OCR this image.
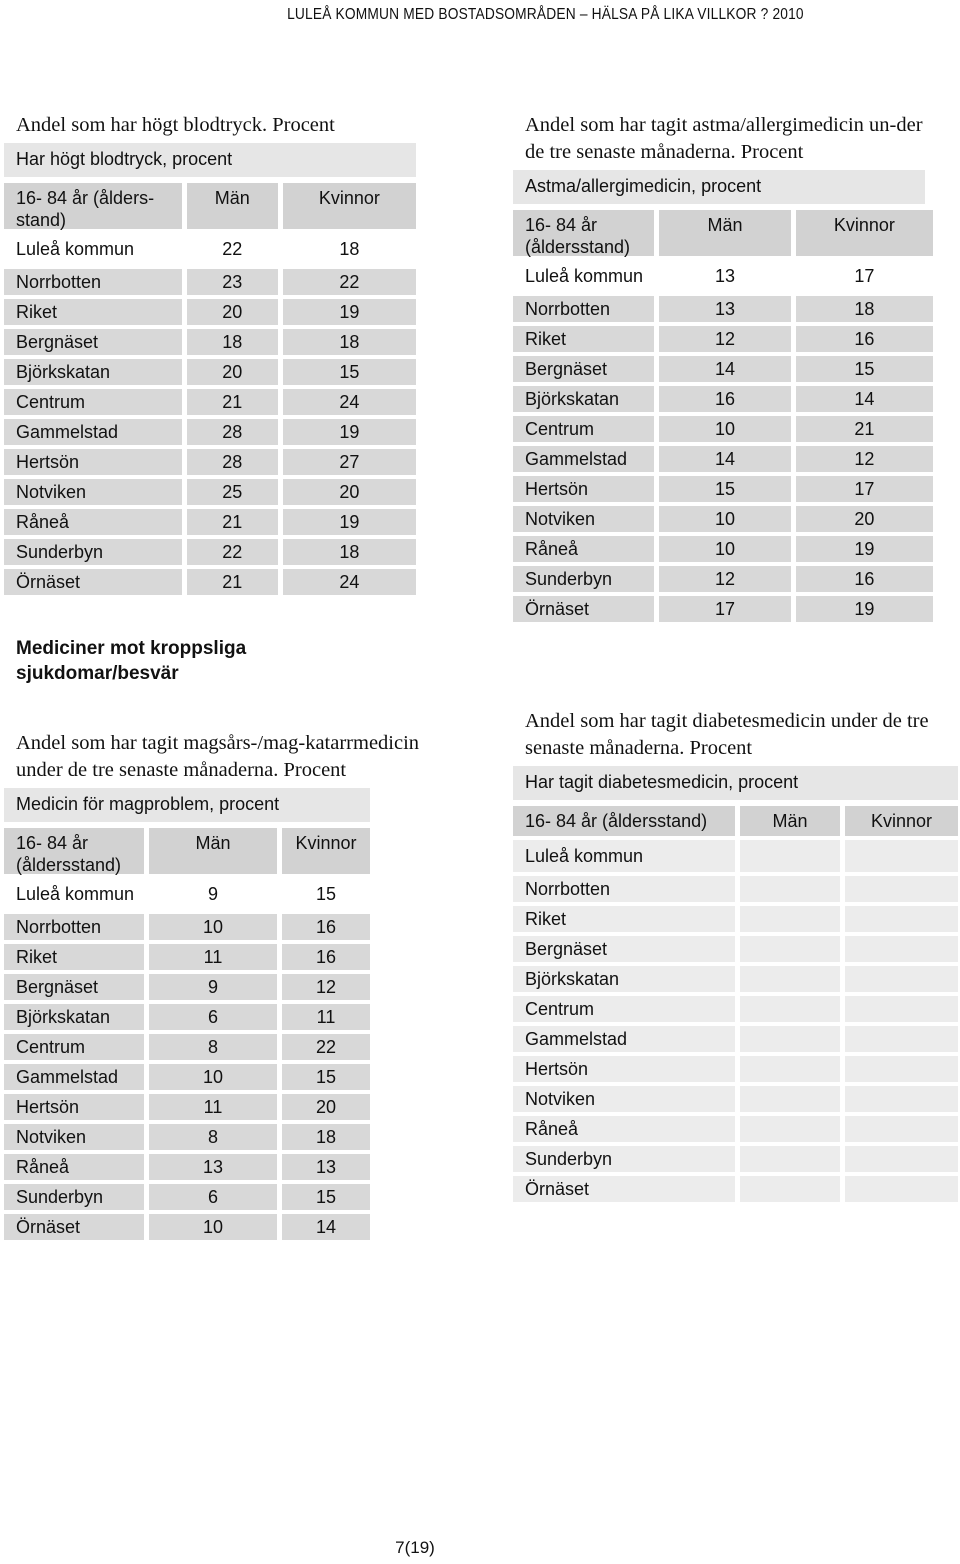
LULEÅ KOMMUN MED BOSTADSOMRÅDEN – HÄLSA PÅ LIKA VILLKOR ? 2010
Andel som har högt blodtryck. Procent
Har högt blodtryck, procent
16- 84 år (ålders-
stand)
Män	Kvinnor
Luleå kommun	22	18
Norrbotten	23	22
Riket	20	19
Bergnäset	18	18
Björkskatan	20	15
Centrum	21	24
Gammelstad	28	19
Hertsön	28	27
Notviken	25	20
Råneå	21	19
Sunderbyn	22	18
Örnäset	21	24
Mediciner mot kroppsliga sjukdomar/besvär
Andel som har tagit magsårs-/mag-katarrmedicin under de tre senaste månaderna. Procent
Medicin för magproblem, procent
16- 84 år
(åldersstand)
Män	Kvinnor
Luleå kommun	9	15
Norrbotten	10	16
Riket	11	16
Bergnäset	9	12
Björkskatan	6	11
Centrum	8	22
Gammelstad	10	15
Hertsön	11	20
Notviken	8	18
Råneå	13	13
Sunderbyn	6	15
Örnäset	10	14
Andel som har tagit astma/allergimedicin un-der de tre senaste månaderna. Procent
Astma/allergimedicin, procent
16- 84 år
(åldersstand)
Män	Kvinnor
Luleå kommun	13	17
Norrbotten	13	18
Riket	12	16
Bergnäset	14	15
Björkskatan	16	14
Centrum	10	21
Gammelstad	14	12
Hertsön	15	17
Notviken	10	20
Råneå	10	19
Sunderbyn	12	16
Örnäset	17	19
Andel som har tagit diabetesmedicin under de tre senaste månaderna. Procent
Har tagit diabetesmedicin, procent
16- 84 år (åldersstand)	Män	Kvinnor
Luleå kommun
Norrbotten
Riket
Bergnäset
Björkskatan
Centrum
Gammelstad
Hertsön
Notviken
Råneå
Sunderbyn
Örnäset
7(19)
